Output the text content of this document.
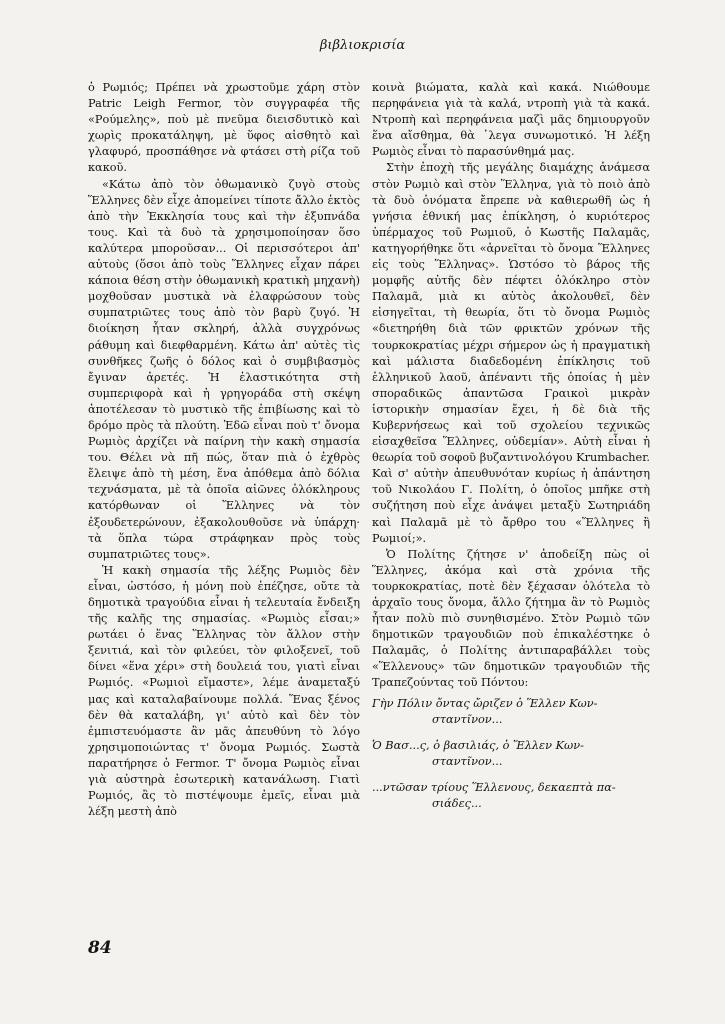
βιβλιοκρισία

ὁ Ρωμιός; Πρέπει νὰ χρωστοῦμε χάρη στὸν Patric Leigh Fermor, τὸν συγγραφέα τῆς «Ρούμελης», ποὺ μὲ πνεῦμα διεισδυτικὸ καὶ χωρὶς προκατάληψη, μὲ ὕφος αἰσθητὸ καὶ γλαφυρό, προσπάθησε νὰ φτάσει στὴ ρίζα τοῦ κακοῦ.

«Κάτω ἀπὸ τὸν ὀθωμανικὸ ζυγὸ στοὺς Ἕλληνες δὲν εἶχε ἀπομείνει τίποτε ἄλλο ἐκτὸς ἀπὸ τὴν Ἐκκλησία τους καὶ τὴν ἐξυπνάδα τους. Καὶ τὰ δυὸ τὰ χρησιμοποίησαν ὅσο καλύτερα μποροῦσαν... Οἱ περισσότεροι ἀπ' αὐτοὺς (ὅσοι ἀπὸ τοὺς Ἕλληνες εἶχαν πάρει κάποια θέση στὴν ὀθωμανικὴ κρατικὴ μηχανὴ) μοχθοῦσαν μυστικὰ νὰ ἐλαφρώσουν τοὺς συμπατριῶτες τους ἀπὸ τὸν βαρὺ ζυγό. Ἡ διοίκηση ἦταν σκληρή, ἀλλὰ συγχρόνως ράθυμη καὶ διεφθαρμένη. Κάτω ἀπ' αὐτὲς τὶς συνθῆκες ζωῆς ὁ δόλος καὶ ὁ συμβιβασμὸς ἔγιναν ἀρετές. Ἡ ἐλαστικότητα στὴ συμπεριφορὰ καὶ ἡ γρηγοράδα στὴ σκέψη ἀποτέλεσαν τὸ μυστικὸ τῆς ἐπιβίωσης καὶ τὸ δρόμο πρὸς τὰ πλούτη. Ἐδῶ εἶναι ποὺ τ' ὄνομα Ρωμιὸς ἀρχίζει νὰ παίρνη τὴν κακὴ σημασία του. Θέλει νὰ πῆ πώς, ὅταν πιὰ ὁ ἐχθρὸς ἔλειψε ἀπὸ τὴ μέση, ἕνα ἀπόθεμα ἀπὸ δόλια τεχνάσματα, μὲ τὰ ὁποῖα αἰῶνες ὁλόκληρους κατόρθωναν οἱ Ἕλληνες νὰ τὸν ἐξουδετερώνουν, ἐξακολουθοῦσε νὰ ὑπάρχη· τὰ ὅπλα τώρα στράφηκαν πρὸς τοὺς συμπατριῶτες τους».

Ἡ κακὴ σημασία τῆς λέξης Ρωμιὸς δὲν εἶναι, ὡστόσο, ἡ μόνη ποὺ ἐπέζησε, οὔτε τὰ δημοτικὰ τραγούδια εἶναι ἡ τελευταία ἔνδειξη τῆς καλῆς της σημασίας. «Ρωμιὸς εἶσαι;» ρωτάει ὁ ἕνας Ἕλληνας τὸν ἄλλον στὴν ξενιτιά, καὶ τὸν φιλεύει, τὸν φιλοξενεῖ, τοῦ δίνει «ἕνα χέρι» στὴ δουλειά του, γιατὶ εἶναι Ρωμιός. «Ρωμιοὶ εἴμαστε», λέμε ἀναμεταξύ μας καὶ καταλαβαίνουμε πολλά. Ἕνας ξένος δὲν θὰ καταλάβη, γι' αὐτὸ καὶ δὲν τὸν ἐμπιστευόμαστε ἂν μᾶς ἀπευθύνη τὸ λόγο χρησιμοποιώντας τ' ὄνομα Ρωμιός. Σωστὰ παρατήρησε ὁ Fermor. Τ' ὄνομα Ρωμιὸς εἶναι γιὰ αὐστηρὰ ἐσωτερικὴ κατανάλωση. Γιατὶ Ρωμιός, ἂς τὸ πιστέψουμε ἐμεῖς, εἶναι μιὰ λέξη μεστὴ ἀπὸ

κοινὰ βιώματα, καλὰ καὶ κακά. Νιώθουμε περηφάνεια γιὰ τὰ καλά, ντροπὴ γιὰ τὰ κακά. Ντροπὴ καὶ περηφάνεια μαζὶ μᾶς δημιουργοῦν ἕνα αἴσθημα, θὰ ᾽λεγα συνωμοτικό. Ἡ λέξη Ρωμιὸς εἶναι τὸ παρασύνθημά μας.

Στὴν ἐποχὴ τῆς μεγάλης διαμάχης ἀνάμεσα στὸν Ρωμιὸ καὶ στὸν Ἕλληνα, γιὰ τὸ ποιὸ ἀπὸ τὰ δυὸ ὀνόματα ἔπρεπε νὰ καθιερωθῆ ὡς ἡ γνήσια ἐθνική μας ἐπίκληση, ὁ κυριότερος ὑπέρμαχος τοῦ Ρωμιοῦ, ὁ Κωστῆς Παλαμᾶς, κατηγορήθηκε ὅτι «ἀρνεῖται τὸ ὄνομα Ἕλληνες εἰς τοὺς Ἕλληνας». Ὡστόσο τὸ βάρος τῆς μομφῆς αὐτῆς δὲν πέφτει ὁλόκληρο στὸν Παλαμᾶ, μιὰ κι αὐτὸς ἀκολουθεῖ, δὲν εἰσηγεῖται, τὴ θεωρία, ὅτι τὸ ὄνομα Ρωμιὸς «διετηρήθη διὰ τῶν φρικτῶν χρόνων τῆς τουρκοκρατίας μέχρι σήμερον ὡς ἡ πραγματικὴ καὶ μάλιστα διαδεδομένη ἐπίκλησις τοῦ ἑλληνικοῦ λαοῦ, ἀπέναντι τῆς ὁποίας ἡ μὲν σποραδικῶς ἀπαντῶσα Γραικοὶ μικρὰν ἱστορικὴν σημασίαν ἔχει, ἡ δὲ διὰ τῆς Κυβερνήσεως καὶ τοῦ σχολείου τεχνικῶς εἰσαχθεῖσα Ἕλληνες, οὐδεμίαν». Αὐτὴ εἶναι ἡ θεωρία τοῦ σοφοῦ βυζαντινολόγου Krumbacher. Καὶ σ' αὐτὴν ἀπευθυνόταν κυρίως ἡ ἀπάντηση τοῦ Νικολάου Γ. Πολίτη, ὁ ὁποῖος μπῆκε στὴ συζήτηση ποὺ εἶχε ἀνάψει μεταξὺ Σωτηριάδη καὶ Παλαμᾶ μὲ τὸ ἄρθρο του «Ἕλληνες ἢ Ρωμιοί;».

Ὁ Πολίτης ζήτησε ν' ἀποδείξη πὼς οἱ Ἕλληνες, ἀκόμα καὶ στὰ χρόνια τῆς τουρκοκρατίας, ποτὲ δὲν ξέχασαν ὁλότελα τὸ ἀρχαῖο τους ὄνομα, ἄλλο ζήτημα ἂν τὸ Ρωμιὸς ἦταν πολὺ πιὸ συνηθισμένο. Στὸν Ρωμιὸ τῶν δημοτικῶν τραγουδιῶν ποὺ ἐπικαλέστηκε ὁ Παλαμᾶς, ὁ Πολίτης ἀντιπαραβάλλει τοὺς «Ἕλλενους» τῶν δημοτικῶν τραγουδιῶν τῆς Τραπεζούντας τοῦ Πόντου:

Γὴν Πόλιν ὄντας ὤριζεν ὁ Ἕλλεν Κων-
σταντῖνον...
Ὁ Βασ...ς, ὁ βασιλιάς, ὁ Ἕλλεν Κων-
σταντῖνον...
...ντῶσαν τρίους Ἕλλενους, δεκαεπτὰ πα-
σιάδες...
84
